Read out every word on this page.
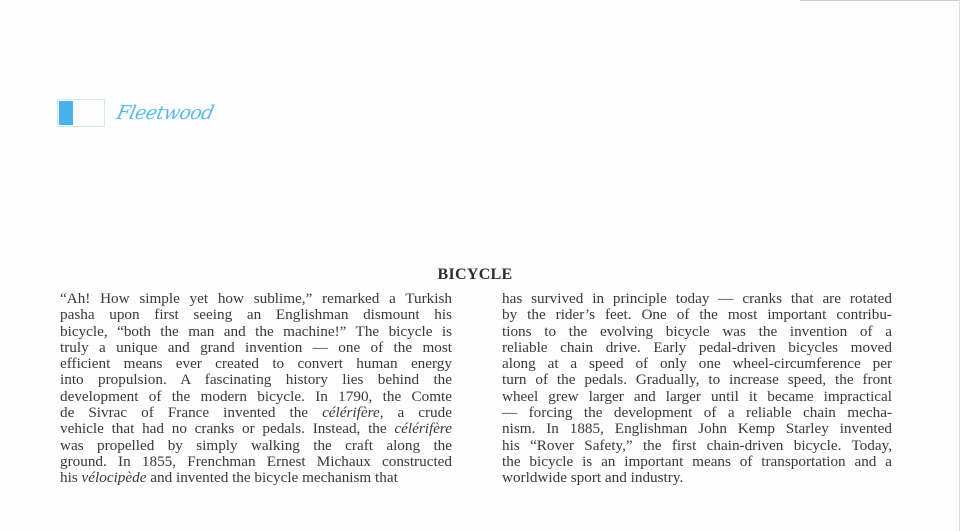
Fleetwood
BICYCLE
“Ah! How simple yet how sublime,” remarked a Turkish
pasha upon first seeing an Englishman dismount his
bicycle, “both the man and the machine!” The bicycle is
truly a unique and grand invention — one of the most
efficient means ever created to convert human energy
into propulsion. A fascinating history lies behind the
development of the modern bicycle. In 1790, the Comte
de Sivrac of France invented the célérifère, a crude
vehicle that had no cranks or pedals. Instead, the célérifère
was propelled by simply walking the craft along the
ground. In 1855, Frenchman Ernest Michaux constructed
his vélocipède and invented the bicycle mechanism that
has survived in principle today — cranks that are rotated
by the rider’s feet. One of the most important contribu-
tions to the evolving bicycle was the invention of a
reliable chain drive. Early pedal-driven bicycles moved
along at a speed of only one wheel-circumference per
turn of the pedals. Gradually, to increase speed, the front
wheel grew larger and larger until it became impractical
— forcing the development of a reliable chain mecha-
nism. In 1885, Englishman John Kemp Starley invented
his “Rover Safety,” the first chain-driven bicycle. Today,
the bicycle is an important means of transportation and a
worldwide sport and industry.
